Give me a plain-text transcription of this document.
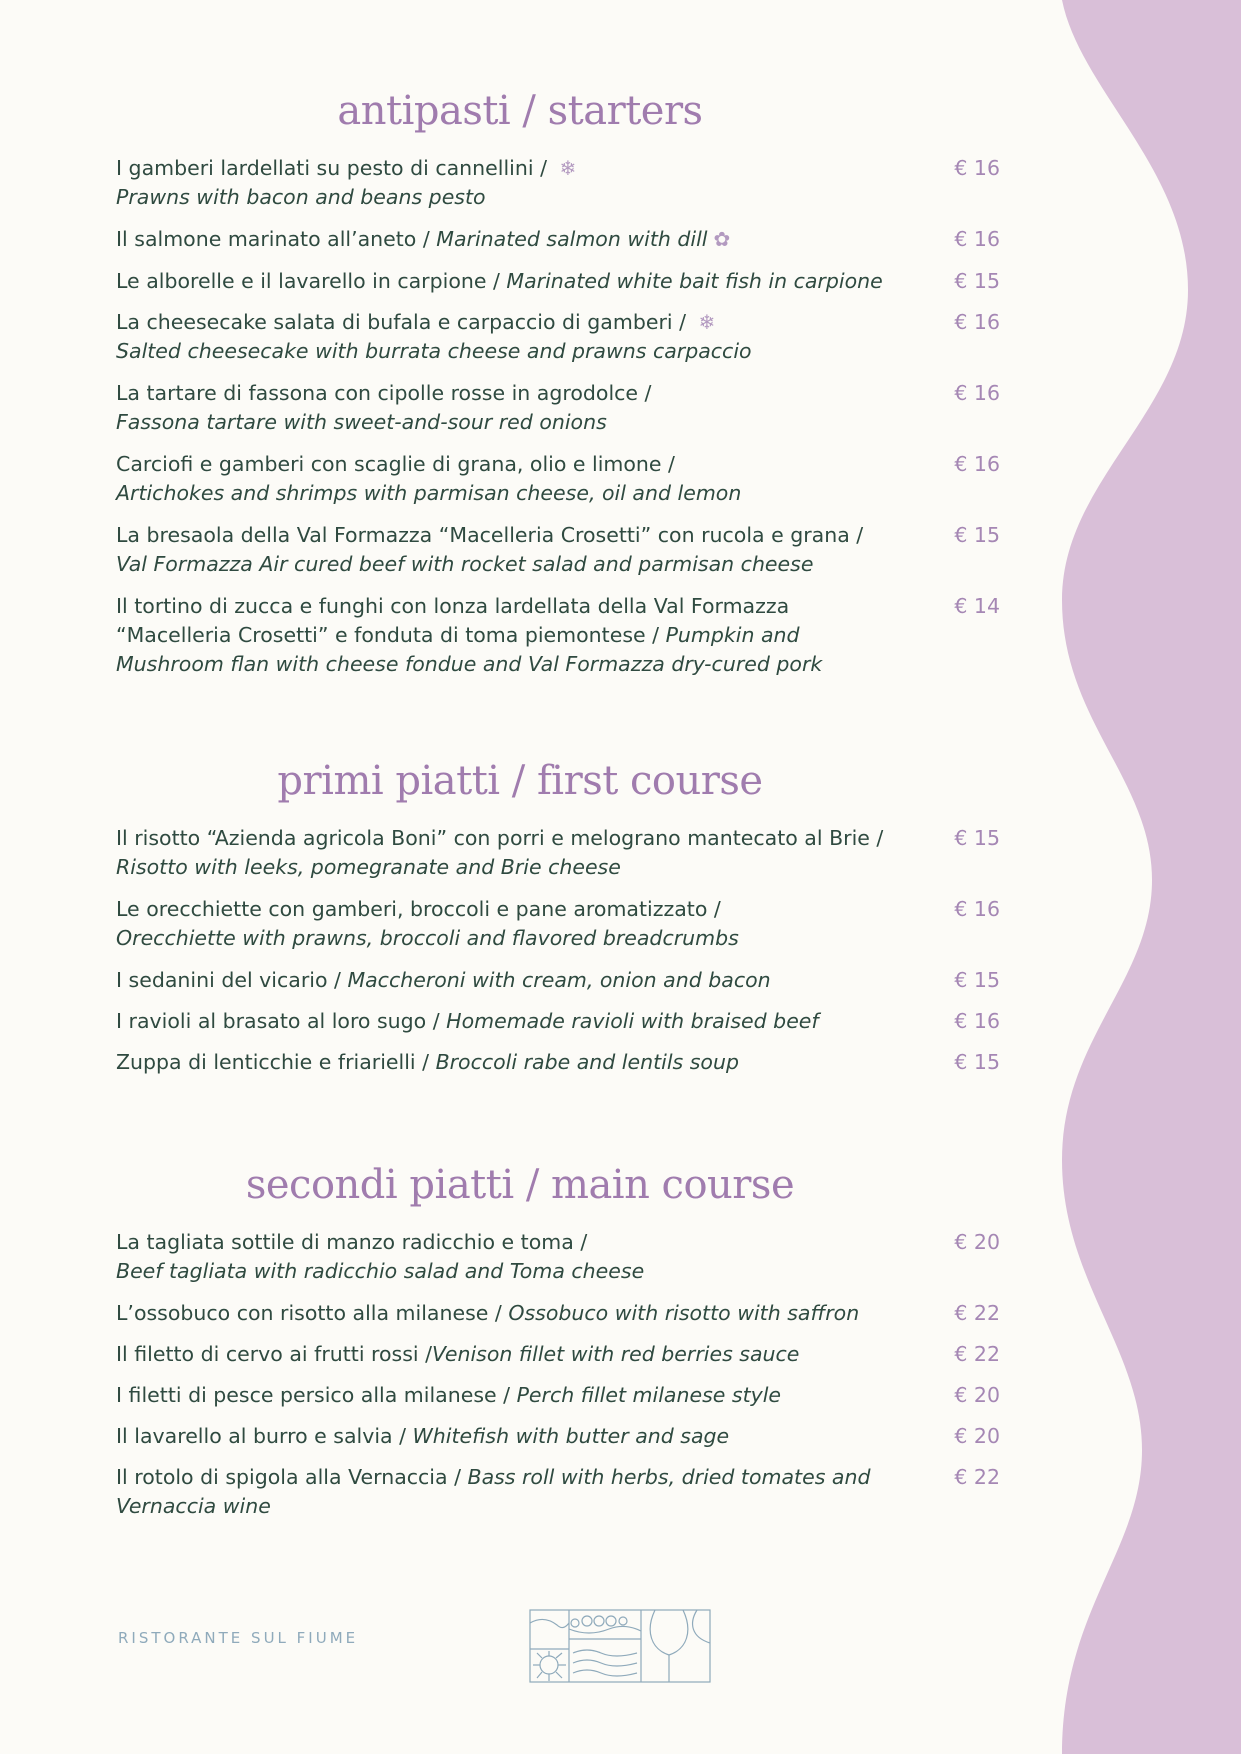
antipasti / starters
I gamberi lardellati su pesto di cannellini / ❄
Prawns with bacon and beans pesto
€ 16
Il salmone marinato all’aneto / Marinated salmon with dill ✿	€ 16
Le alborelle e il lavarello in carpione / Marinated white bait fish in carpione	€ 15
La cheesecake salata di bufala e carpaccio di gamberi / ❄
Salted cheesecake with burrata cheese and prawns carpaccio
€ 16
La tartare di fassona con cipolle rosse in agrodolce /
Fassona tartare with sweet-and-sour red onions
€ 16
Carciofi e gamberi con scaglie di grana, olio e limone /
Artichokes and shrimps with parmisan cheese, oil and lemon
€ 16
La bresaola della Val Formazza “Macelleria Crosetti” con rucola e grana /
Val Formazza Air cured beef with rocket salad and parmisan cheese
€ 15
Il tortino di zucca e funghi con lonza lardellata della Val Formazza “Macelleria Crosetti” e fonduta di toma piemontese / Pumpkin and Mushroom flan with cheese fondue and Val Formazza dry-cured pork
€ 14
primi piatti / first course
Il risotto “Azienda agricola Boni” con porri e melograno mantecato al Brie /
Risotto with leeks, pomegranate and Brie cheese
€ 15
Le orecchiette con gamberi, broccoli e pane aromatizzato /
Orecchiette with prawns, broccoli and flavored breadcrumbs
€ 16
I sedanini del vicario / Maccheroni with cream, onion and bacon	€ 15
I ravioli al brasato al loro sugo / Homemade ravioli with braised beef	€ 16
Zuppa di lenticchie e friarielli / Broccoli rabe and lentils soup	€ 15
secondi piatti / main course
La tagliata sottile di manzo radicchio e toma /
Beef tagliata with radicchio salad and Toma cheese
€ 20
L’ossobuco con risotto alla milanese / Ossobuco with risotto with saffron	€ 22
Il filetto di cervo ai frutti rossi /Venison fillet with red berries sauce	€ 22
I filetti di pesce persico alla milanese / Perch fillet milanese style	€ 20
Il lavarello al burro e salvia / Whitefish with butter and sage	€ 20
Il rotolo di spigola alla Vernaccia / Bass roll with herbs, dried tomates and Vernaccia wine
€ 22
RISTORANTE SUL FIUME
